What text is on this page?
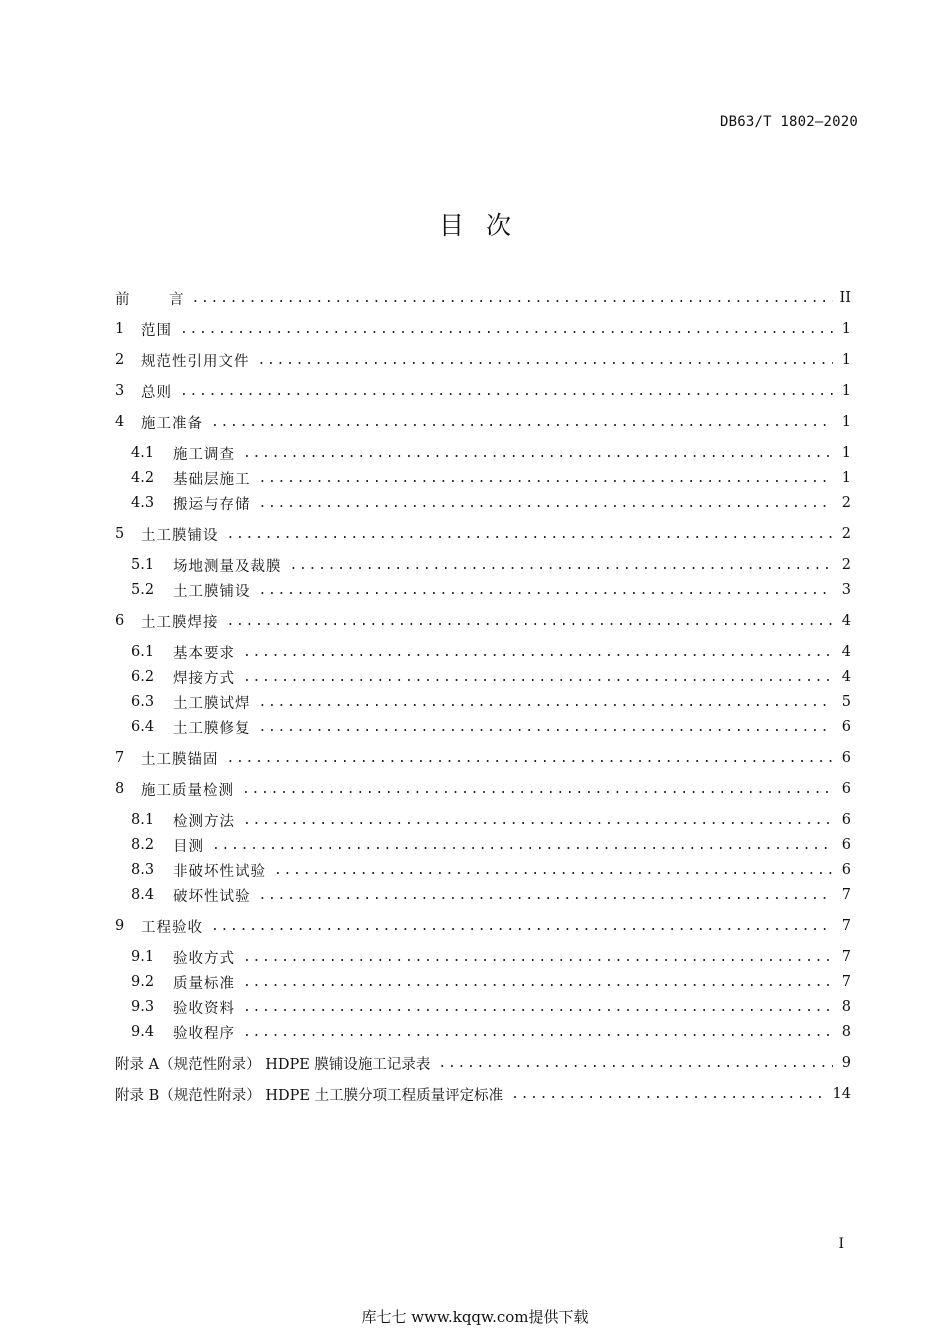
DB63/T 1802—2020
目次
前	言 .....	II
1	范围 .....	1
2	规范性引用文件 .....	1
3	总则 .....	1
4	施工准备 .....	1
4.1	施工调查 .....	1
4.2	基础层施工 .....	1
4.3	搬运与存储 .....	2
5	土工膜铺设 .....	2
5.1	场地测量及裁膜 .....	2
5.2	土工膜铺设 .....	3
6	土工膜焊接 .....	4
6.1	基本要求 .....	4
6.2	焊接方式 .....	4
6.3	土工膜试焊 .....	5
6.4	土工膜修复 .....	6
7	土工膜锚固 .....	6
8	施工质量检测 .....	6
8.1	检测方法 .....	6
8.2	目测 .....	6
8.3	非破坏性试验 .....	6
8.4	破坏性试验 .....	7
9	工程验收 .....	7
9.1	验收方式 .....	7
9.2	质量标准 .....	7
9.3	验收资料 .....	8
9.4	验收程序 .....	8
附录 A（规范性附录） HDPE 膜铺设施工记录表 .....	9
附录 B（规范性附录） HDPE 土工膜分项工程质量评定标准 .....	14
I
库七七 www.kqqw.com提供下载
